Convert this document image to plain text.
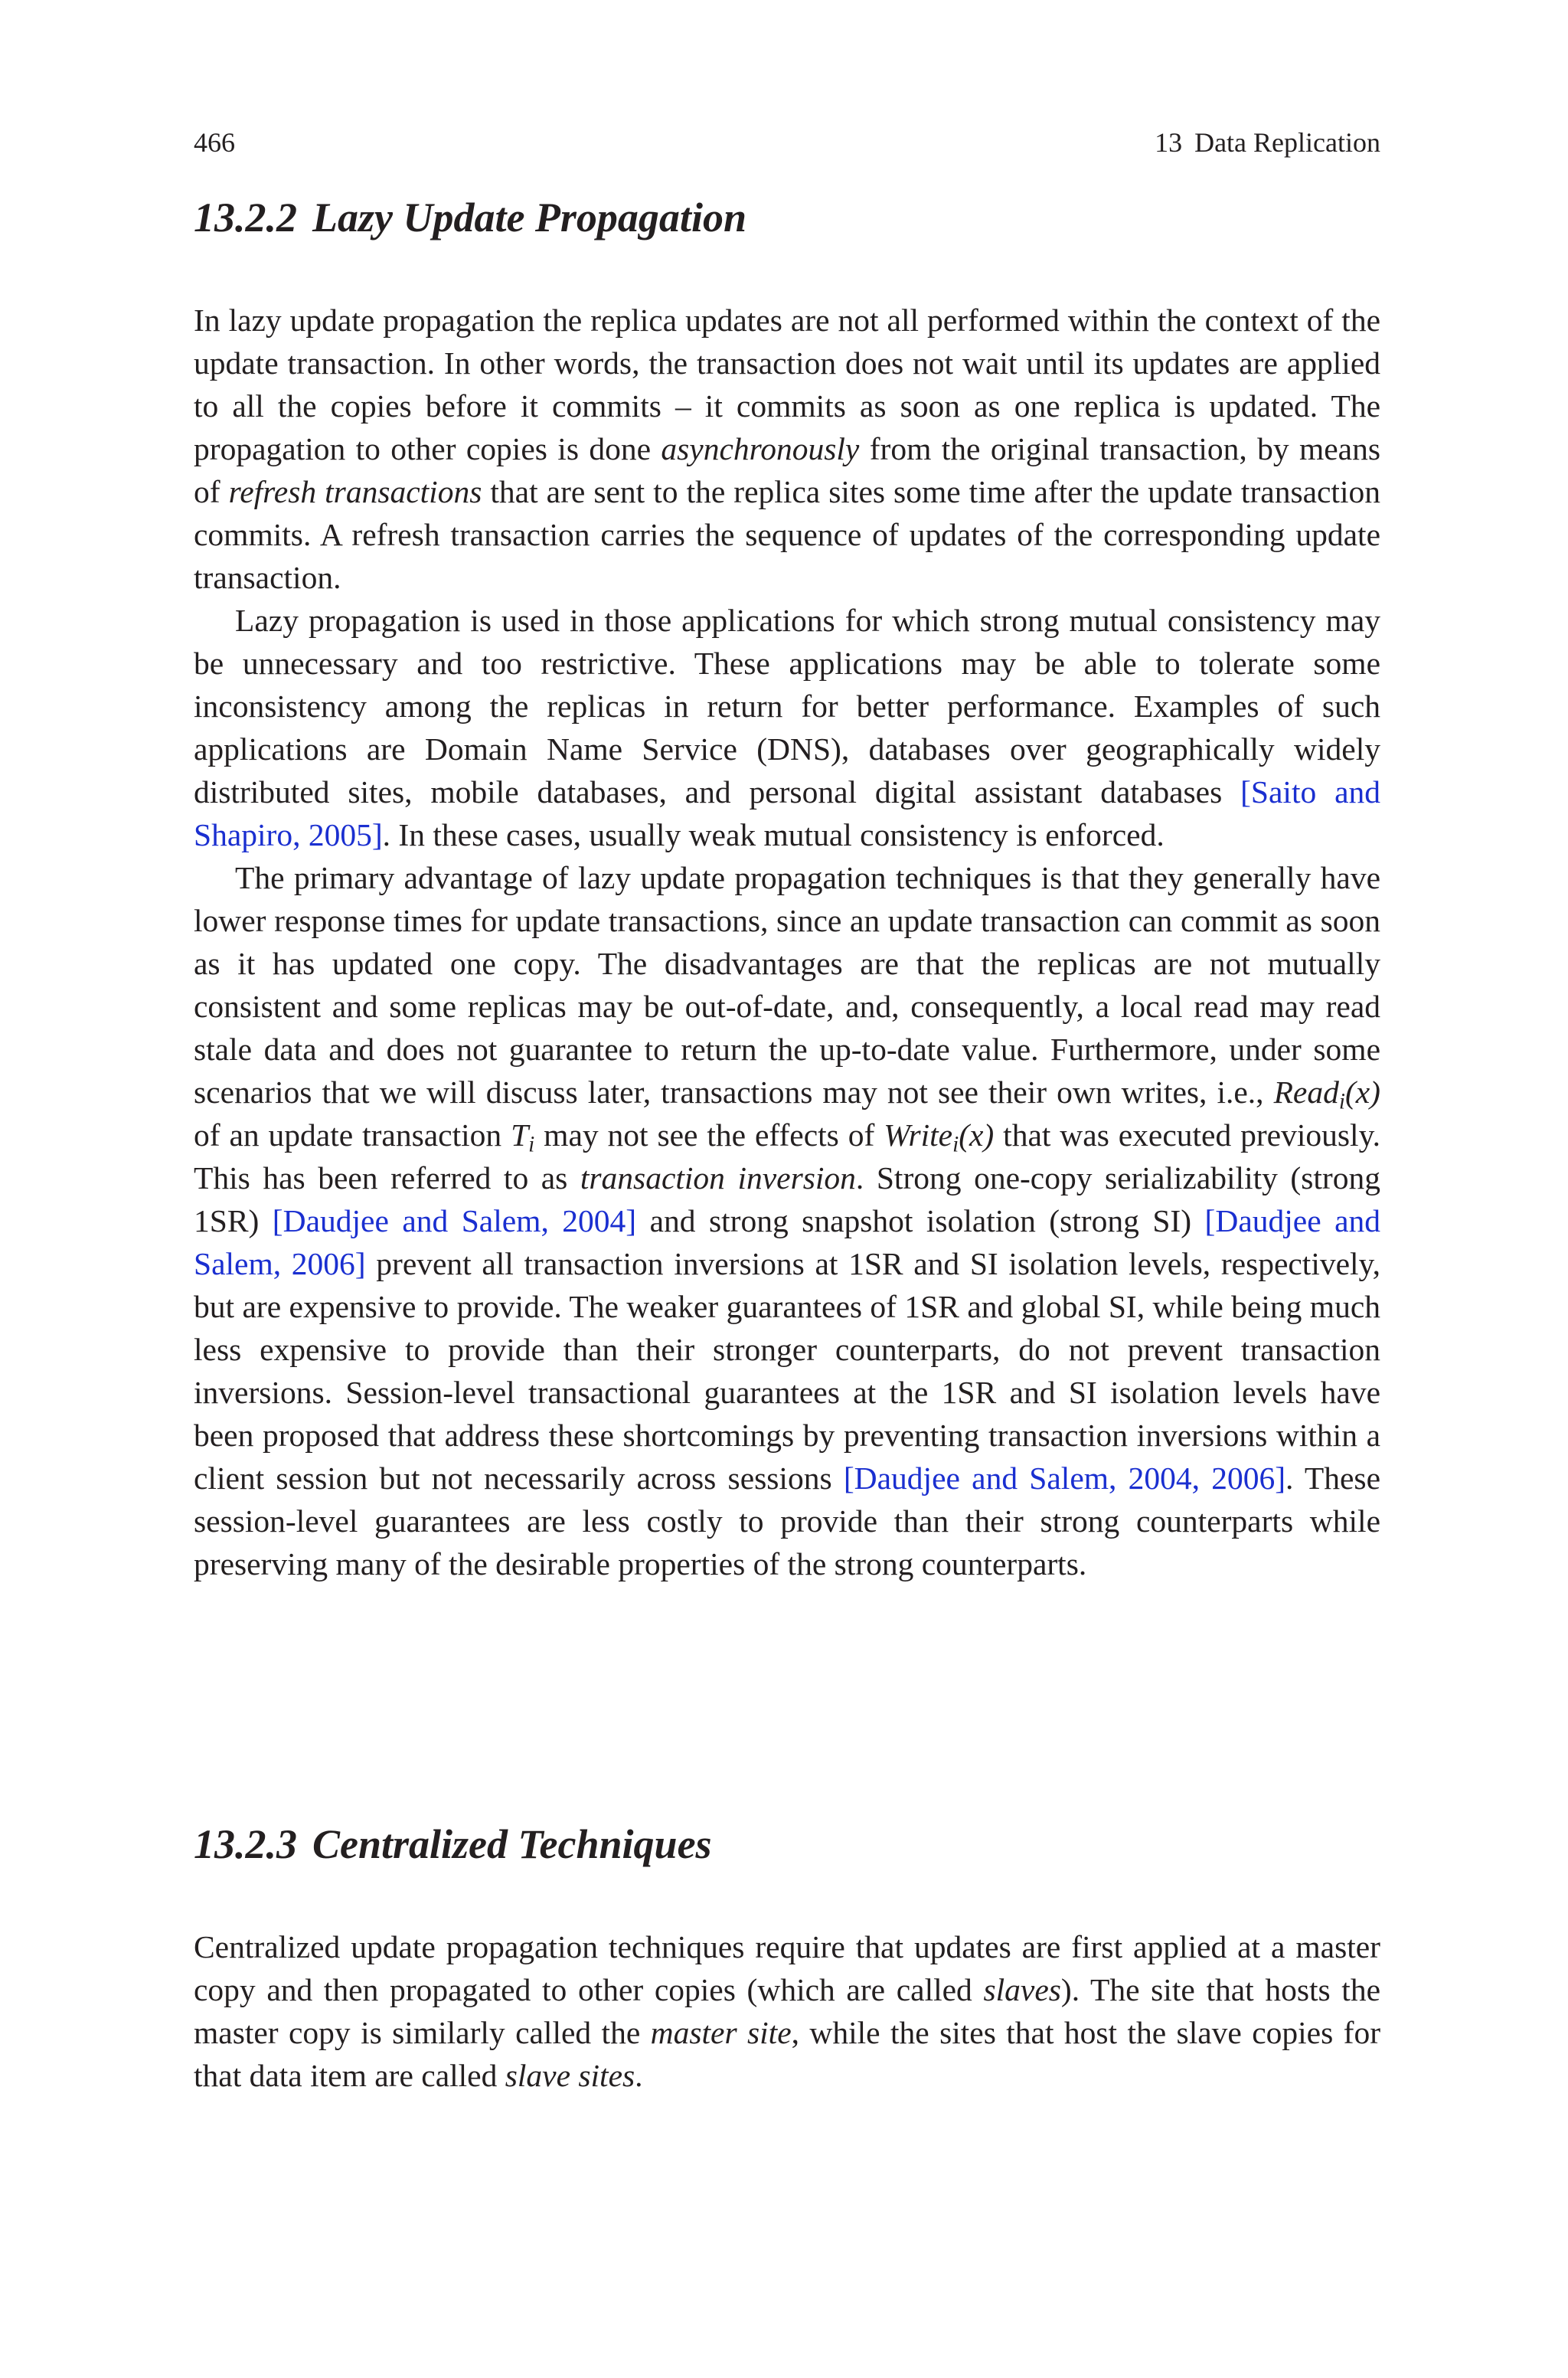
466	13 Data Replication
13.2.2 Lazy Update Propagation

In lazy update propagation the replica updates are not all performed within the context of the update transaction. In other words, the transaction does not wait until its updates are applied to all the copies before it commits – it commits as soon as one replica is updated. The propagation to other copies is done asynchronously from the original transaction, by means of refresh transactions that are sent to the replica sites some time after the update transaction commits. A refresh transaction carries the sequence of updates of the corresponding update transaction.

Lazy propagation is used in those applications for which strong mutual consistency may be unnecessary and too restrictive. These applications may be able to tolerate some inconsistency among the replicas in return for better performance. Examples of such applications are Domain Name Service (DNS), databases over geographically widely distributed sites, mobile databases, and personal digital assistant databases [Saito and Shapiro, 2005]. In these cases, usually weak mutual consistency is enforced.

The primary advantage of lazy update propagation techniques is that they generally have lower response times for update transactions, since an update transaction can commit as soon as it has updated one copy. The disadvantages are that the replicas are not mutually consistent and some replicas may be out-of-date, and, consequently, a local read may read stale data and does not guarantee to return the up-to-date value. Furthermore, under some scenarios that we will discuss later, transactions may not see their own writes, i.e., Read$_i$(x) of an update transaction $T_i$ may not see the effects of Write$_i$(x) that was executed previously. This has been referred to as transaction inversion. Strong one-copy serializability (strong 1SR) [Daudjee and Salem, 2004] and strong snapshot isolation (strong SI) [Daudjee and Salem, 2006] prevent all transaction inversions at 1SR and SI isolation levels, respectively, but are expensive to provide. The weaker guarantees of 1SR and global SI, while being much less expensive to provide than their stronger counterparts, do not prevent transaction inversions. Session-level transactional guarantees at the 1SR and SI isolation levels have been proposed that address these shortcomings by preventing transaction inversions within a client session but not necessarily across sessions [Daudjee and Salem, 2004, 2006]. These session-level guarantees are less costly to provide than their strong counterparts while preserving many of the desirable properties of the strong counterparts.

13.2.3 Centralized Techniques

Centralized update propagation techniques require that updates are first applied at a master copy and then propagated to other copies (which are called slaves). The site that hosts the master copy is similarly called the master site, while the sites that host the slave copies for that data item are called slave sites.
